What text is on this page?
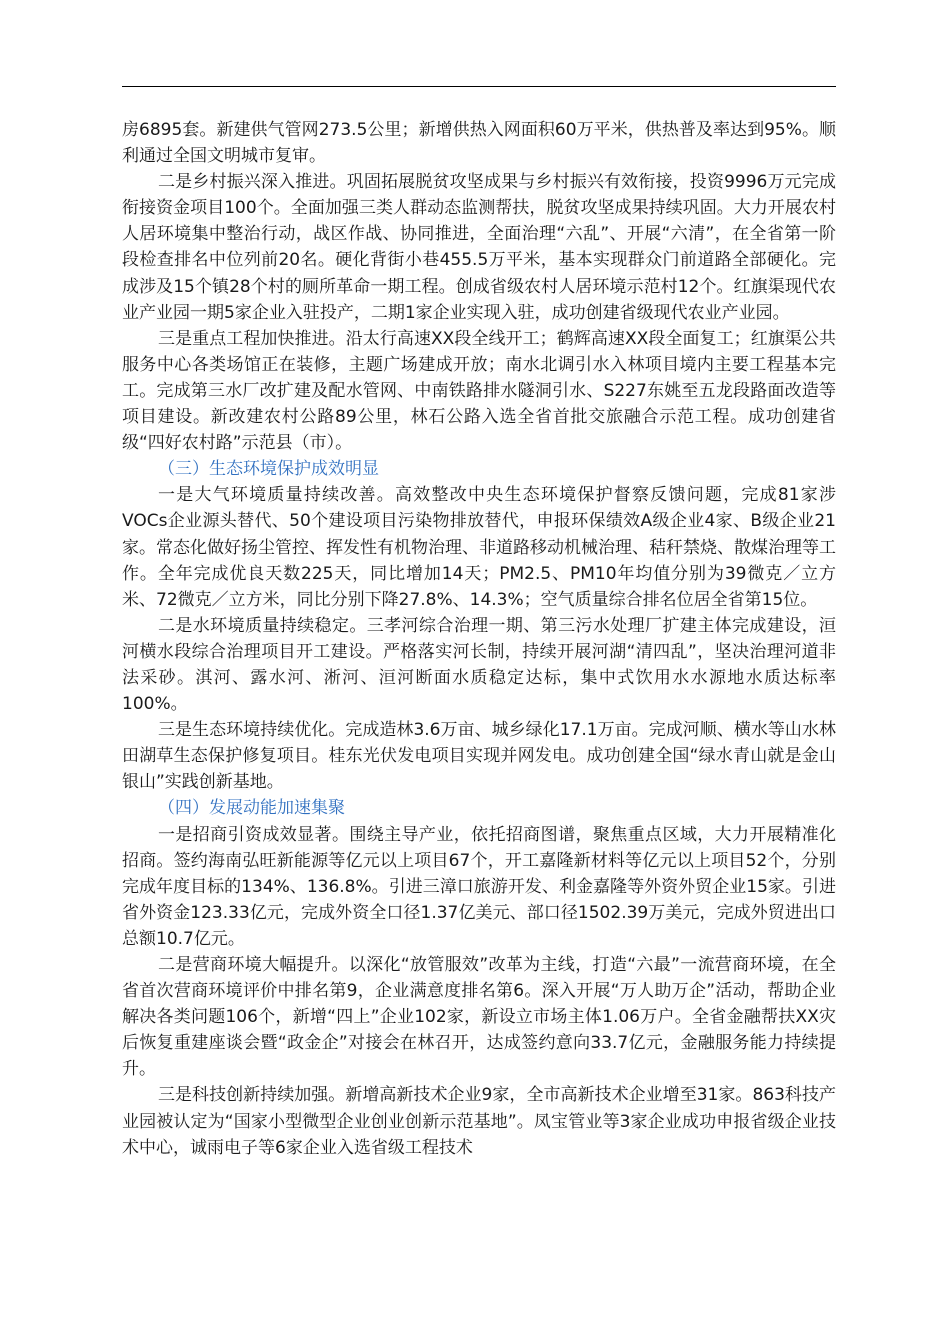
房6895套。新建供气管网273.5公里；新增供热入网面积60万平米，供热普及率达到95%。顺利通过全国文明城市复审。

二是乡村振兴深入推进。巩固拓展脱贫攻坚成果与乡村振兴有效衔接，投资9996万元完成衔接资金项目100个。全面加强三类人群动态监测帮扶，脱贫攻坚成果持续巩固。大力开展农村人居环境集中整治行动，战区作战、协同推进，全面治理“六乱”、开展“六清”，在全省第一阶段检查排名中位列前20名。硬化背街小巷455.5万平米，基本实现群众门前道路全部硬化。完成涉及15个镇28个村的厕所革命一期工程。创成省级农村人居环境示范村12个。红旗渠现代农业产业园一期5家企业入驻投产，二期1家企业实现入驻，成功创建省级现代农业产业园。

三是重点工程加快推进。沿太行高速XX段全线开工；鹤辉高速XX段全面复工；红旗渠公共服务中心各类场馆正在装修，主题广场建成开放；南水北调引水入林项目境内主要工程基本完工。完成第三水厂改扩建及配水管网、中南铁路排水隧洞引水、S227东姚至五龙段路面改造等项目建设。新改建农村公路89公里，林石公路入选全省首批交旅融合示范工程。成功创建省级“四好农村路”示范县（市）。

（三）生态环境保护成效明显

一是大气环境质量持续改善。高效整改中央生态环境保护督察反馈问题，完成81家涉VOCs企业源头替代、50个建设项目污染物排放替代，申报环保绩效A级企业4家、B级企业21家。常态化做好扬尘管控、挥发性有机物治理、非道路移动机械治理、秸秆禁烧、散煤治理等工作。全年完成优良天数225天，同比增加14天；PM2.5、PM10年均值分别为39微克／立方米、72微克／立方米，同比分别下降27.8%、14.3%；空气质量综合排名位居全省第15位。

二是水环境质量持续稳定。三孝河综合治理一期、第三污水处理厂扩建主体完成建设，洹河横水段综合治理项目开工建设。严格落实河长制，持续开展河湖“清四乱”，坚决治理河道非法采砂。淇河、露水河、淅河、洹河断面水质稳定达标，集中式饮用水水源地水质达标率100%。

三是生态环境持续优化。完成造林3.6万亩、城乡绿化17.1万亩。完成河顺、横水等山水林田湖草生态保护修复项目。桂东光伏发电项目实现并网发电。成功创建全国“绿水青山就是金山银山”实践创新基地。

（四）发展动能加速集聚

一是招商引资成效显著。围绕主导产业，依托招商图谱，聚焦重点区域，大力开展精准化招商。签约海南弘旺新能源等亿元以上项目67个，开工嘉隆新材料等亿元以上项目52个，分别完成年度目标的134%、136.8%。引进三漳口旅游开发、利金嘉隆等外资外贸企业15家。引进省外资金123.33亿元，完成外资全口径1.37亿美元、部口径1502.39万美元，完成外贸进出口总额10.7亿元。

二是营商环境大幅提升。以深化“放管服效”改革为主线，打造“六最”一流营商环境，在全省首次营商环境评价中排名第9，企业满意度排名第6。深入开展“万人助万企”活动，帮助企业解决各类问题106个，新增“四上”企业102家，新设立市场主体1.06万户。全省金融帮扶XX灾后恢复重建座谈会暨“政金企”对接会在林召开，达成签约意向33.7亿元，金融服务能力持续提升。

三是科技创新持续加强。新增高新技术企业9家，全市高新技术企业增至31家。863科技产业园被认定为“国家小型微型企业创业创新示范基地”。凤宝管业等3家企业成功申报省级企业技术中心，诚雨电子等6家企业入选省级工程技术
